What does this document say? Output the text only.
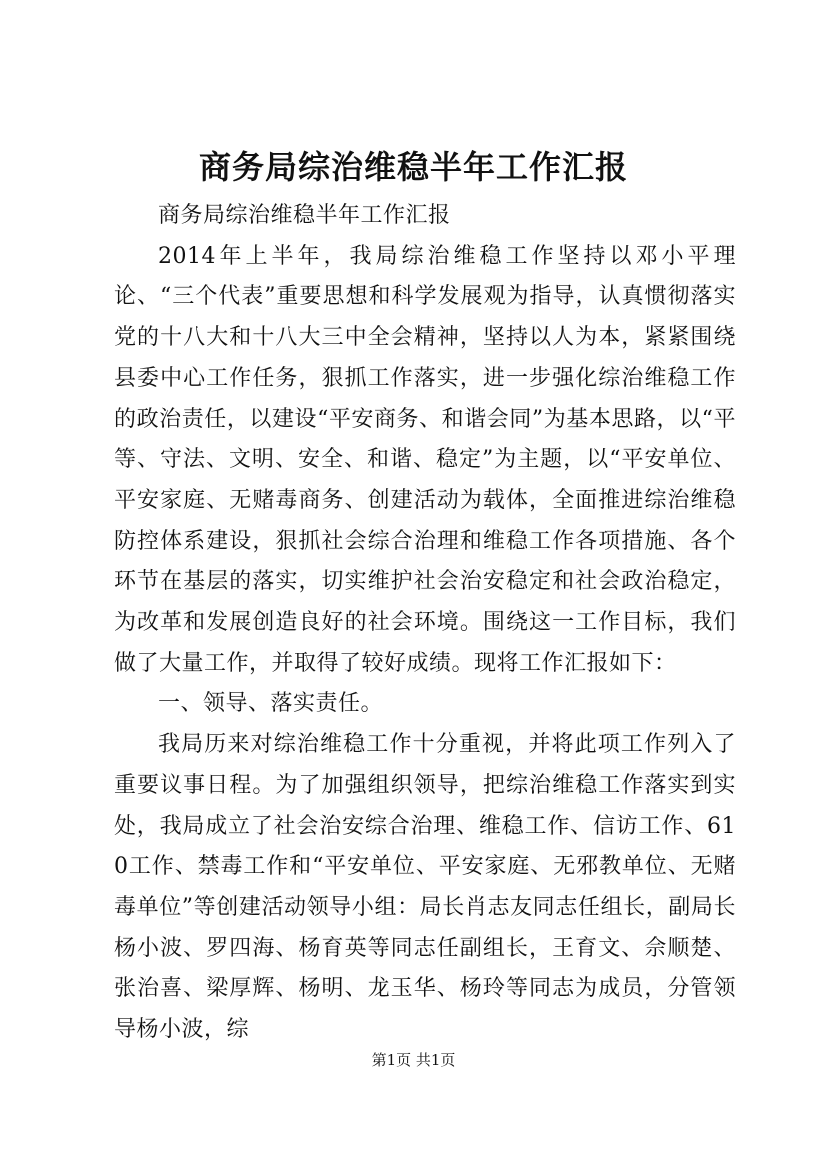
商务局综治维稳半年工作汇报

商务局综治维稳半年工作汇报

2014年上半年，我局综治维稳工作坚持以邓小平理论、“三个代表”重要思想和科学发展观为指导，认真惯彻落实党的十八大和十八大三中全会精神，坚持以人为本，紧紧围绕县委中心工作任务，狠抓工作落实，进一步强化综治维稳工作的政治责任，以建设“平安商务、和谐会同”为基本思路，以“平等、守法、文明、安全、和谐、稳定”为主题，以“平安单位、平安家庭、无赌毒商务、创建活动为载体，全面推进综治维稳防控体系建设，狠抓社会综合治理和维稳工作各项措施、各个环节在基层的落实，切实维护社会治安稳定和社会政治稳定，为改革和发展创造良好的社会环境。围绕这一工作目标，我们做了大量工作，并取得了较好成绩。现将工作汇报如下：

一、领导、落实责任。

我局历来对综治维稳工作十分重视，并将此项工作列入了重要议事日程。为了加强组织领导，把综治维稳工作落实到实处，我局成立了社会治安综合治理、维稳工作、信访工作、610工作、禁毒工作和“平安单位、平安家庭、无邪教单位、无赌毒单位”等创建活动领导小组：局长肖志友同志任组长，副局长杨小波、罗四海、杨育英等同志任副组长，王育文、佘顺楚、张治喜、梁厚辉、杨明、龙玉华、杨玲等同志为成员，分管领导杨小波，综

第1页 共1页
